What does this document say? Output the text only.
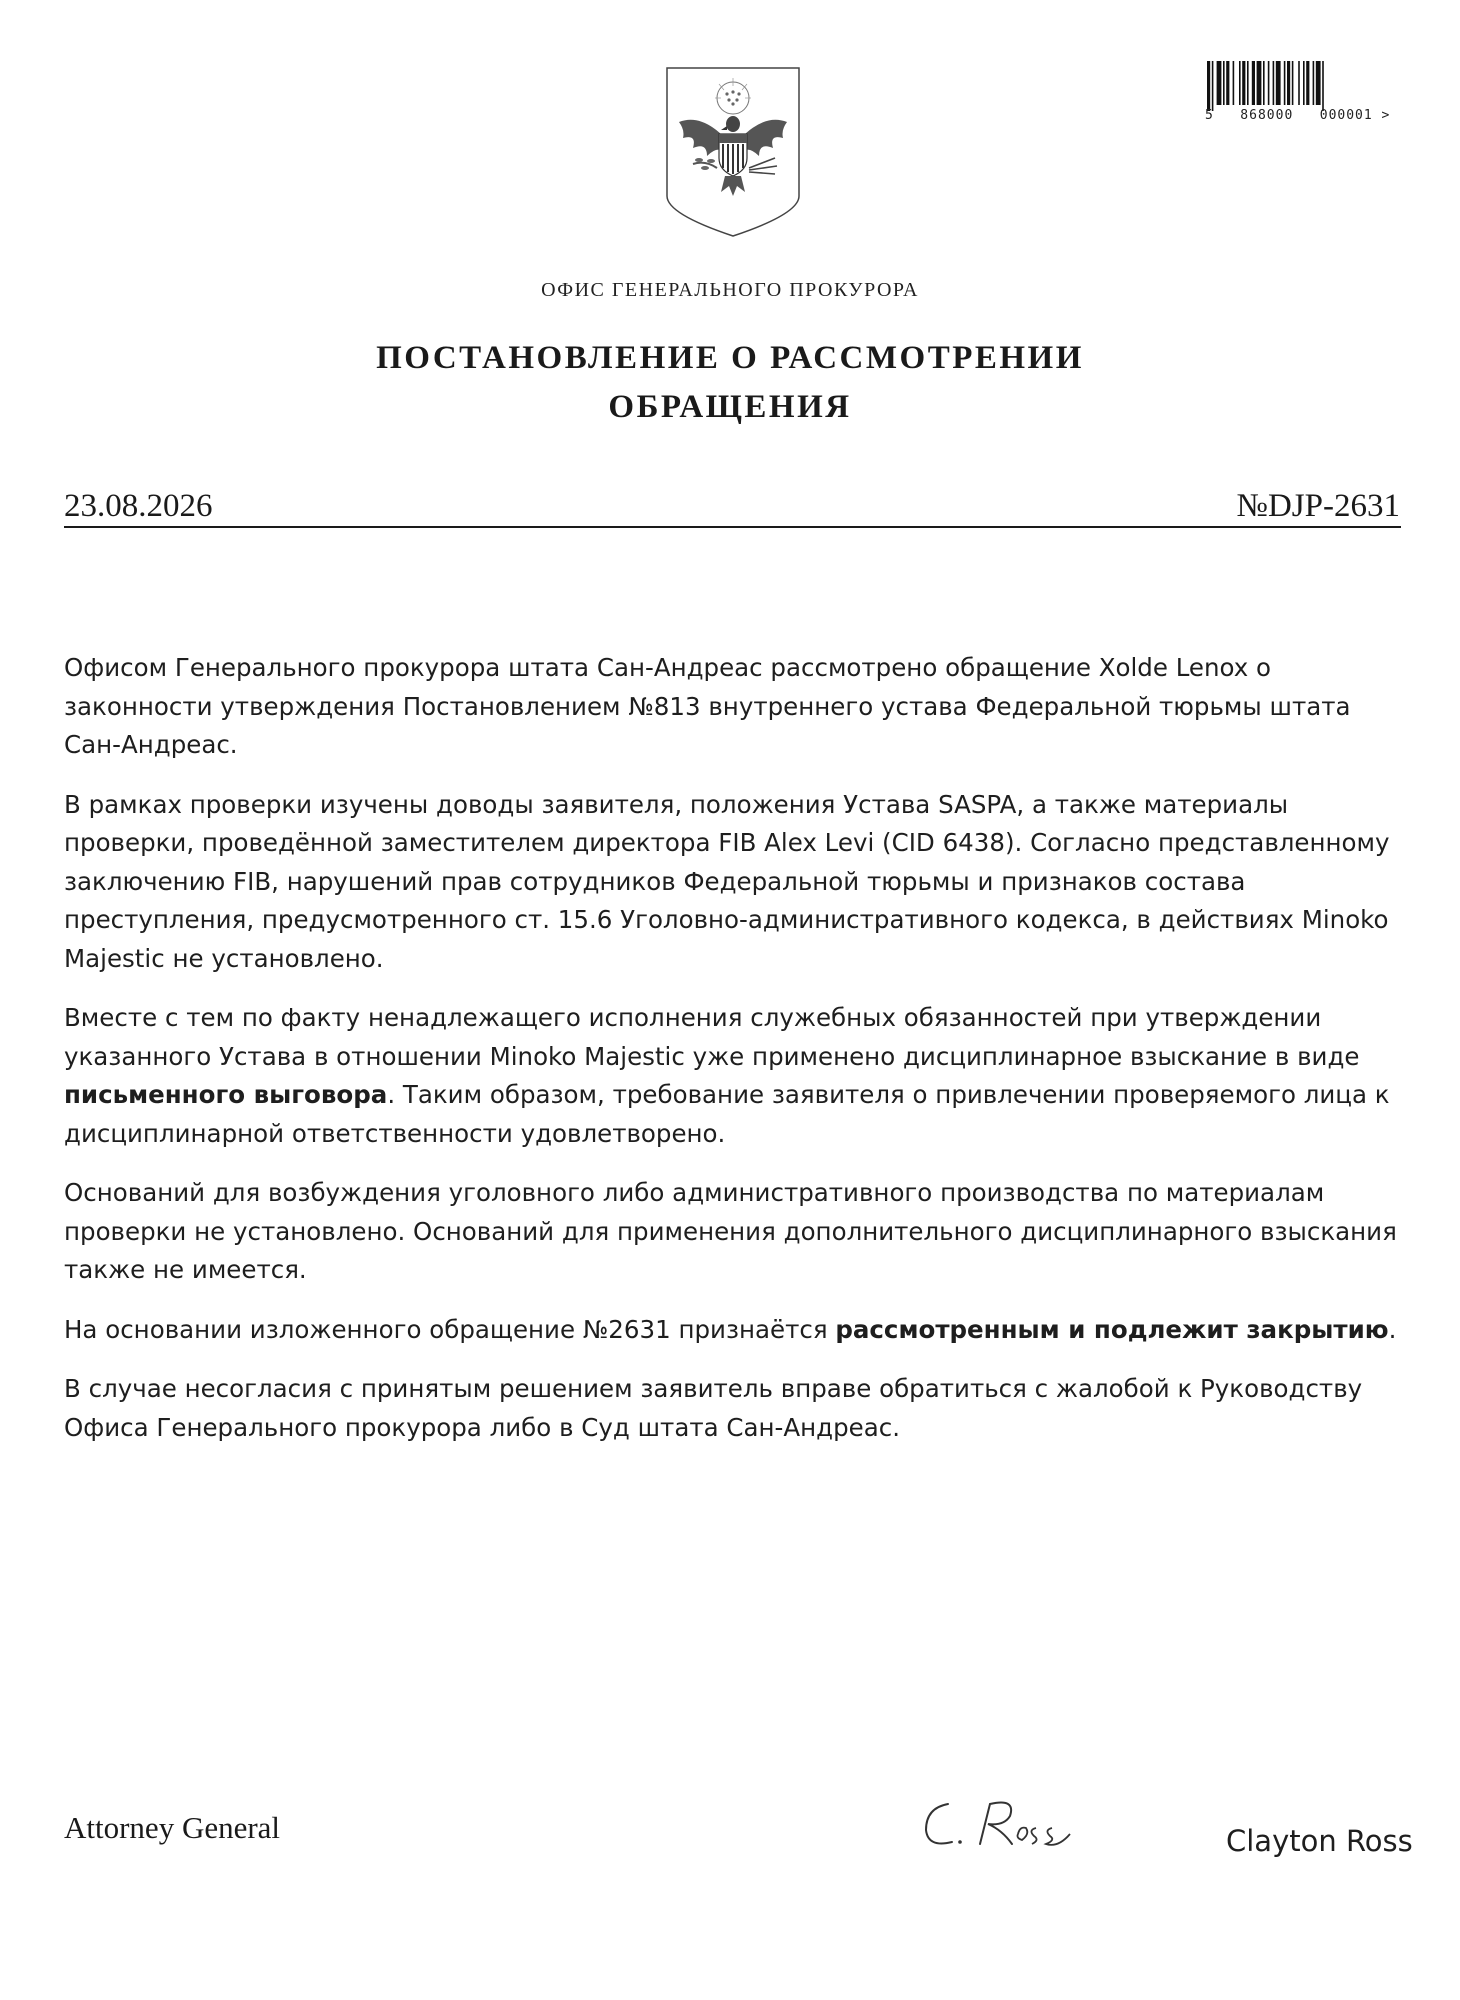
5   868000   000001 >
ОФИС ГЕНЕРАЛЬНОГО ПРОКУРОРА
ПОСТАНОВЛЕНИЕ О РАССМОТРЕНИИ
ОБРАЩЕНИЯ
23.08.2026	№DJP-2631

Офисом Генерального прокурора штата Сан-Андреас рассмотрено обращение Xolde Lenox о законности утверждения Постановлением №813 внутреннего устава Федеральной тюрьмы штата Сан-Андреас.

В рамках проверки изучены доводы заявителя, положения Устава SASPA, а также материалы проверки, проведённой заместителем директора FIB Alex Levi (CID 6438). Согласно представленному заключению FIB, нарушений прав сотрудников Федеральной тюрьмы и признаков состава преступления, предусмотренного ст. 15.6 Уголовно-административного кодекса, в действиях Minoko Majestic не установлено.

Вместе с тем по факту ненадлежащего исполнения служебных обязанностей при утверждении указанного Устава в отношении Minoko Majestic уже применено дисциплинарное взыскание в виде письменного выговора. Таким образом, требование заявителя о привлечении проверяемого лица к дисциплинарной ответственности удовлетворено.

Оснований для возбуждения уголовного либо административного производства по материалам проверки не установлено. Оснований для применения дополнительного дисциплинарного взыскания также не имеется.

На основании изложенного обращение №2631 признаётся рассмотренным и подлежит закрытию.

В случае несогласия с принятым решением заявитель вправе обратиться с жалобой к Руководству Офиса Генерального прокурора либо в Суд штата Сан-Андреас.

Attorney General	Clayton Ross
